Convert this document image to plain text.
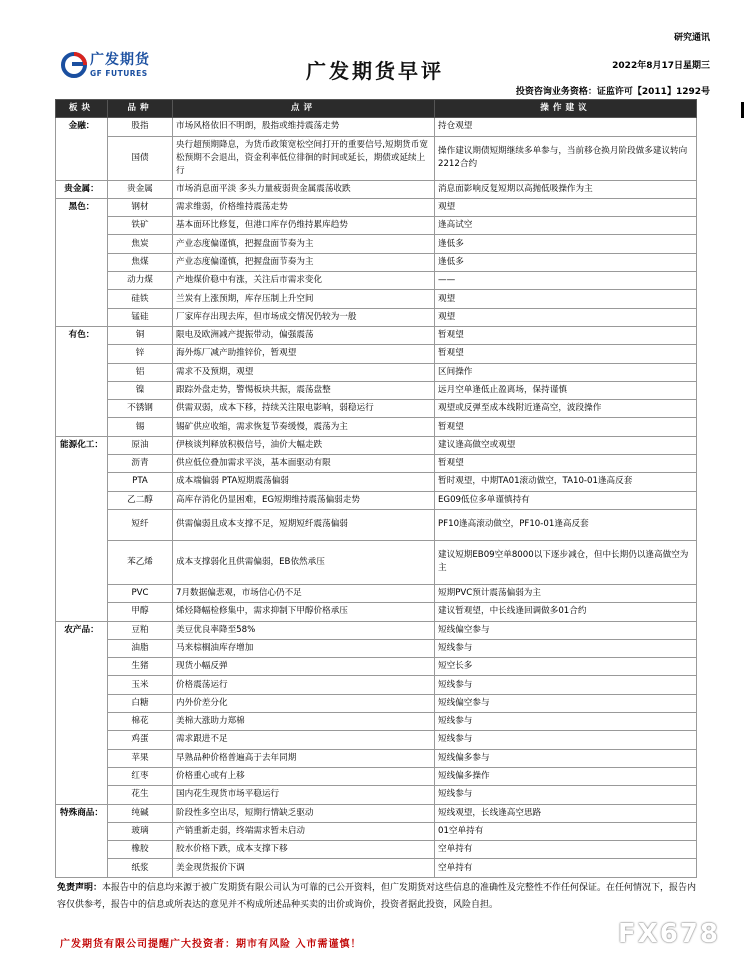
广发期货
GF FUTURES	广发期货早评
研究通讯
2022年8月17日星期三
投资咨询业务资格：证监许可【2011】1292号
板块	品种	点评	操作建议
金融：	股指	市场风格依旧不明朗，股指或维持震荡走势	持仓观望
	国债	央行超预期降息，为货币政策宽松空间打开的重要信号,短期货币宽松预期不会退出，资金利率低位徘徊的时间或延长，期债或延续上行	操作建议期债短期继续多单参与，当前移仓换月阶段做多建议转向2212合约
贵金属：	贵金属	市场消息面平淡 多头力量疲弱贵金属震荡收跌	消息面影响反复短期以高抛低吸操作为主
黑色：	钢材	需求维弱，价格维持震荡走势	观望
	铁矿	基本面环比修复，但港口库存仍维持累库趋势	逢高试空
	焦炭	产业态度偏谨慎，把握盘面节奏为主	逢低多
	焦煤	产业态度偏谨慎，把握盘面节奏为主	逢低多
	动力煤	产地煤价稳中有涨，关注后市需求变化	——
	硅铁	兰炭有上涨预期，库存压制上升空间	观望
	锰硅	厂家库存出现去库，但市场成交情况仍较为一般	观望
有色：	铜	限电及欧洲减产提振带动，偏强震荡	暂观望
	锌	海外炼厂减产助推锌价，暂观望	暂观望
	铝	需求不及预期，观望	区间操作
	镍	跟踪外盘走势，警惕板块共振，震荡盘整	远月空单逢低止盈离场，保持谨慎
	不锈钢	供需双弱，成本下移，持续关注限电影响，弱稳运行	观望或反弹至成本线附近逢高空，波段操作
	锡	锡矿供应收缩，需求恢复节奏缓慢，震荡为主	暂观望
能源化工：	原油	伊核谈判释放积极信号，油价大幅走跌	建议逢高做空或观望
	沥青	供应低位叠加需求平淡，基本面驱动有限	暂观望
	PTA	成本端偏弱 PTA短期震荡偏弱	暂时观望，中期TA01滚动做空，TA10-01逢高反套
	乙二醇	高库存消化仍显困难，EG短期维持震荡偏弱走势	EG09低位多单谨慎持有
	短纤	供需偏弱且成本支撑不足，短期短纤震荡偏弱	PF10逢高滚动做空，PF10-01逢高反套
	苯乙烯	成本支撑弱化且供需偏弱，EB依然承压	建议短期EB09空单8000以下逐步减仓，但中长期仍以逢高做空为主
	PVC	7月数据偏悲观，市场信心仍不足	短期PVC预计震荡偏弱为主
	甲醇	烯烃降幅检修集中，需求抑制下甲醇价格承压	建议暂观望，中长线逢回调做多01合约
农产品：	豆粕	美豆优良率降至58%	短线偏空参与
	油脂	马来棕榈油库存增加	短线参与
	生猪	现货小幅反弹	短空长多
	玉米	价格震荡运行	短线参与
	白糖	内外价差分化	短线偏空参与
	棉花	美棉大涨助力郑棉	短线参与
	鸡蛋	需求跟进不足	短线参与
	苹果	早熟品种价格普遍高于去年同期	短线偏多参与
	红枣	价格重心或有上移	短线偏多操作
	花生	国内花生现货市场平稳运行	短线参与
特殊商品：	纯碱	阶段性多空出尽，短期行情缺乏驱动	短线观望，长线逢高空思路
	玻璃	产销重新走弱，终端需求暂未启动	01空单持有
	橡胶	胶水价格下跌，成本支撑下移	空单持有
	纸浆	美金现货报价下调	空单持有
免责声明：本报告中的信息均来源于被广发期货有限公司认为可靠的已公开资料，但广发期货对这些信息的准确性及完整性不作任何保证。在任何情况下，报告内容仅供参考，报告中的信息或所表达的意见并不构成所述品种买卖的出价或询价，投资者据此投资，风险自担。
广发期货有限公司提醒广大投资者：期市有风险 入市需谨慎！	FX678
